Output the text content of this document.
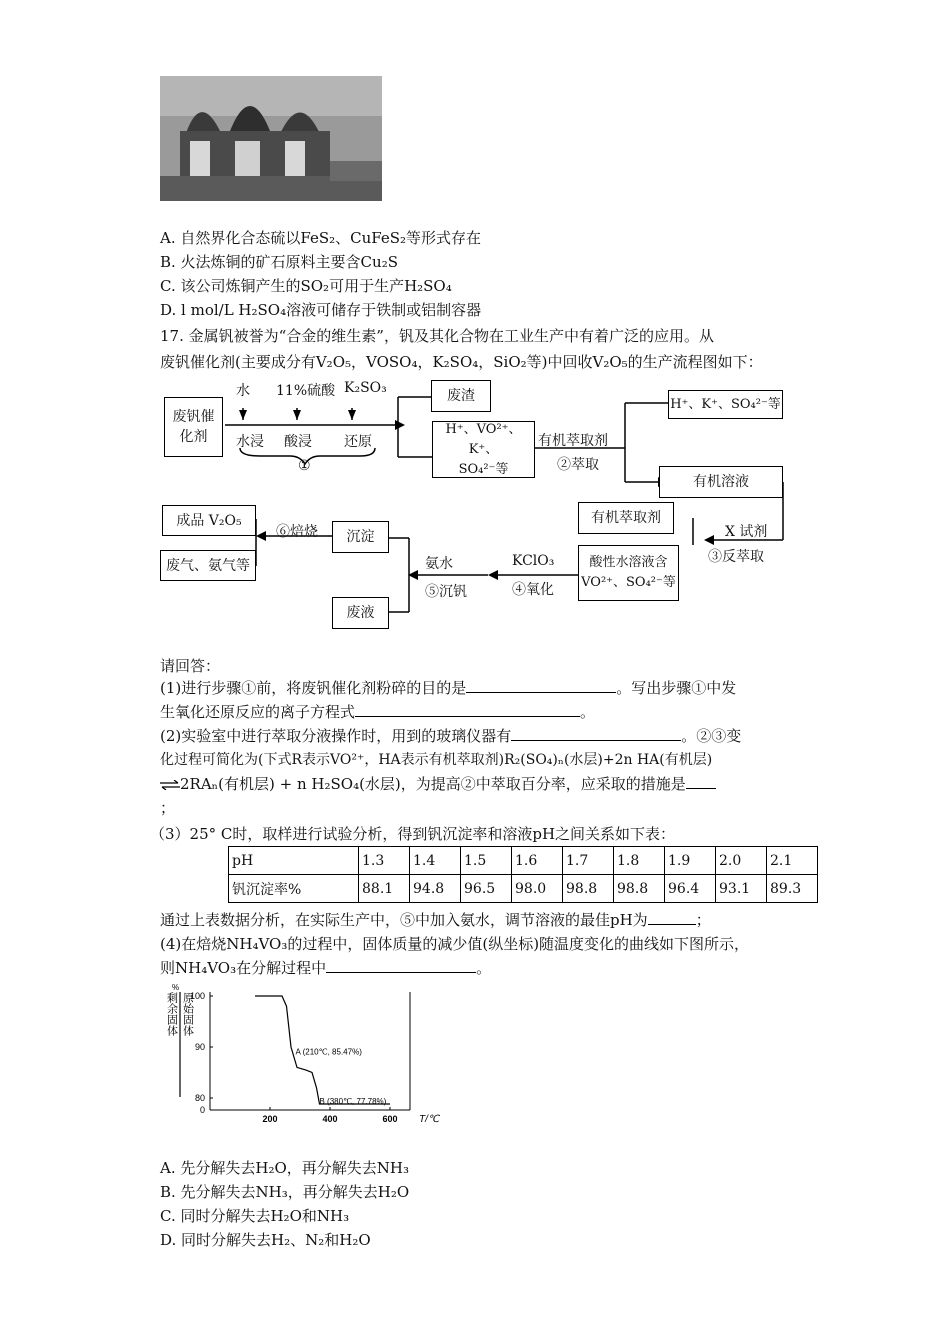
A. 自然界化合态硫以FeS₂、CuFeS₂等形式存在
B. 火法炼铜的矿石原料主要含Cu₂S
C. 该公司炼铜产生的SO₂可用于生产H₂SO₄
D. l mol/L H₂SO₄溶液可储存于铁制或铝制容器
17. 金属钒被誉为“合金的维生素”，钒及其化合物在工业生产中有着广泛的应用。从
废钒催化剂(主要成分有V₂O₅，VOSO₄，K₂SO₄，SiO₂等)中回收V₂O₅的生产流程图如下：
废钒催化剂
水 11%硫酸 K₂SO₃
水浸 酸浸 还原
①
废渣
H⁺、VO²⁺、K⁺、
SO₄²⁻等
有机萃取剂
②萃取
H⁺、K⁺、SO₄²⁻等
有机溶液
有机萃取剂
X 试剂
③反萃取
酸性水溶液含
VO²⁺、SO₄²⁻等
KClO₃
④氧化
氨水
⑤沉钒
沉淀
废液
⑥焙烧
成品 V₂O₅
废气、氨气等
请回答：
(1)进行步骤①前，将废钒催化剂粉碎的目的是	。写出步骤①中发
生氧化还原反应的离子方程式	。
(2)实验室中进行萃取分液操作时，用到的玻璃仪器有	。②③变
化过程可简化为(下式R表示VO²⁺，HA表示有机萃取剂)R₂(SO₄)ₙ(水层)+2n HA(有机层)
⇌2RAₙ(有机层) + n H₂SO₄(水层)，为提高②中萃取百分率，应采取的措施是
；
（3）25° C时，取样进行试验分析，得到钒沉淀率和溶液pH之间关系如下表：
pH	1.3	1.4	1.5	1.6	1.7	1.8	1.9	2.0	2.1
钒沉淀率%	88.1	94.8	96.5	98.0	98.8	98.8	96.4	93.1	89.3
通过上表数据分析，在实际生产中，⑤中加入氨水，调节溶液的最佳pH为	；
(4)在焙烧NH₄VO₃的过程中，固体质量的减少值(纵坐标)随温度变化的曲线如下图所示，
则NH₄VO₃在分解过程中	。
100
90
80
0
200	400	600 T/℃
剩余固体 原始固体
%
A (210℃, 85.47%)
B (380℃, 77.78%)
A. 先分解失去H₂O，再分解失去NH₃
B. 先分解失去NH₃，再分解失去H₂O
C. 同时分解失去H₂O和NH₃
D. 同时分解失去H₂、N₂和H₂O
